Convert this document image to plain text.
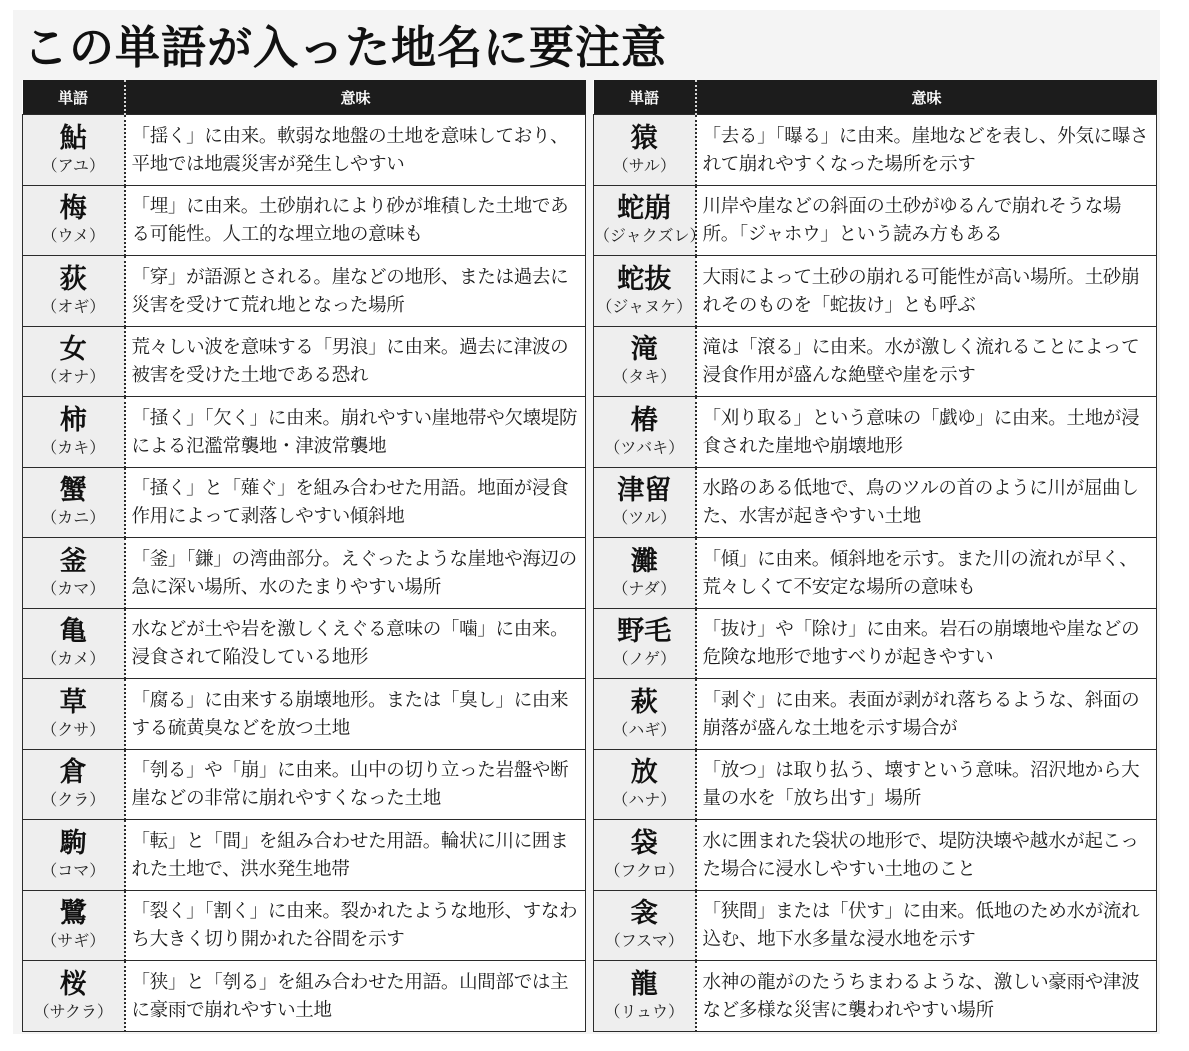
この単語が入った地名に要注意
単語	意味

鮎
（アユ）	「揺く」に由来。軟弱な地盤の土地を意味しており、平地では地震災害が発生しやすい

梅
（ウメ）	「埋」に由来。土砂崩れにより砂が堆積した土地である可能性。人工的な埋立地の意味も

荻
（オギ）	「穿」が語源とされる。崖などの地形、または過去に災害を受けて荒れ地となった場所

女
（オナ）	荒々しい波を意味する「男浪」に由来。過去に津波の被害を受けた土地である恐れ

柿
（カキ）	「掻く」「欠く」に由来。崩れやすい崖地帯や欠壊堤防による氾濫常襲地・津波常襲地

蟹
（カニ）	「掻く」と「薙ぐ」を組み合わせた用語。地面が浸食作用によって剥落しやすい傾斜地

釜
（カマ）	「釜」「鎌」の湾曲部分。えぐったような崖地や海辺の急に深い場所、水のたまりやすい場所

亀
（カメ）	水などが土や岩を激しくえぐる意味の「噛」に由来。浸食されて陥没している地形

草
（クサ）	「腐る」に由来する崩壊地形。または「臭し」に由来する硫黄臭などを放つ土地

倉
（クラ）	「刳る」や「崩」に由来。山中の切り立った岩盤や断崖などの非常に崩れやすくなった土地

駒
（コマ）	「転」と「間」を組み合わせた用語。輪状に川に囲まれた土地で、洪水発生地帯

鷺
（サギ）	「裂く」「割く」に由来。裂かれたような地形、すなわち大きく切り開かれた谷間を示す

桜
（サクラ）	「狭」と「刳る」を組み合わせた用語。山間部では主に豪雨で崩れやすい土地
単語	意味

猿
（サル）	「去る」「曝る」に由来。崖地などを表し、外気に曝されて崩れやすくなった場所を示す

蛇崩
（ジャクズレ）	川岸や崖などの斜面の土砂がゆるんで崩れそうな場所。「ジャホウ」という読み方もある

蛇抜
（ジャヌケ）	大雨によって土砂の崩れる可能性が高い場所。土砂崩れそのものを「蛇抜け」とも呼ぶ

滝
（タキ）	滝は「滾る」に由来。水が激しく流れることによって浸食作用が盛んな絶壁や崖を示す

椿
（ツバキ）	「刈り取る」という意味の「戯ゆ」に由来。土地が浸食された崖地や崩壊地形

津留
（ツル）	水路のある低地で、鳥のツルの首のように川が屈曲した、水害が起きやすい土地

灘
（ナダ）	「傾」に由来。傾斜地を示す。また川の流れが早く、荒々しくて不安定な場所の意味も

野毛
（ノゲ）	「抜け」や「除け」に由来。岩石の崩壊地や崖などの危険な地形で地すべりが起きやすい

萩
（ハギ）	「剥ぐ」に由来。表面が剥がれ落ちるような、斜面の崩落が盛んな土地を示す場合が

放
（ハナ）	「放つ」は取り払う、壊すという意味。沼沢地から大量の水を「放ち出す」場所

袋
（フクロ）	水に囲まれた袋状の地形で、堤防決壊や越水が起こった場合に浸水しやすい土地のこと

衾
（フスマ）	「狭間」または「伏す」に由来。低地のため水が流れ込む、地下水多量な浸水地を示す

龍
（リュウ）	水神の龍がのたうちまわるような、激しい豪雨や津波など多様な災害に襲われやすい場所
